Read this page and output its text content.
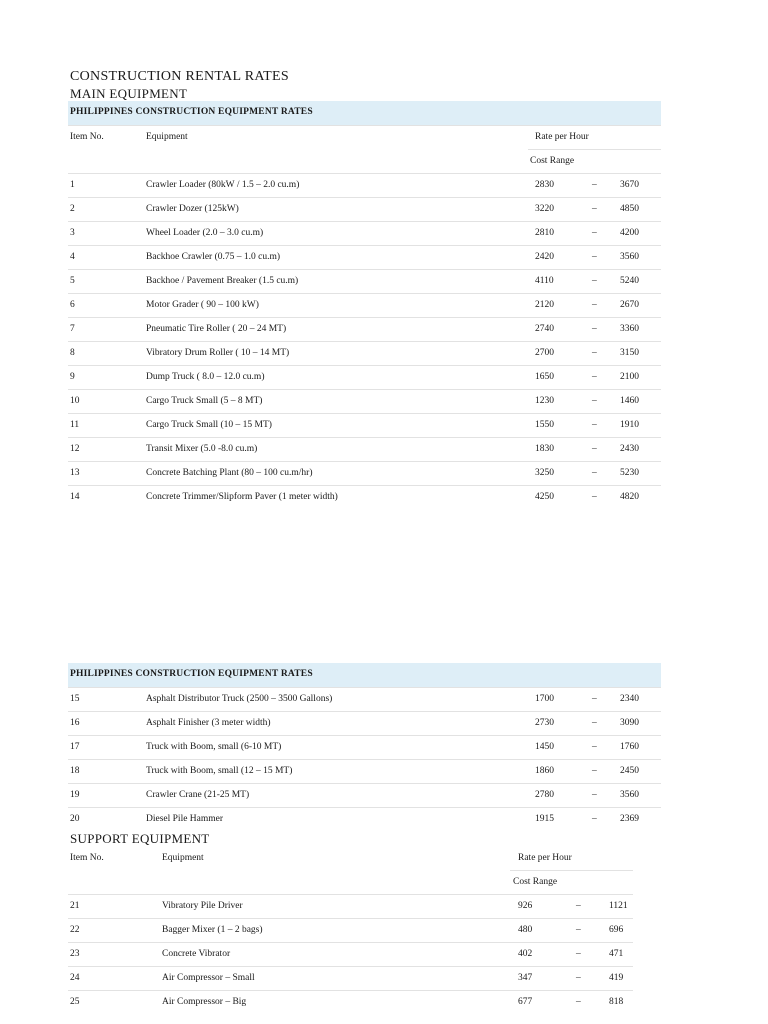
CONSTRUCTION RENTAL RATES
MAIN EQUIPMENT
PHILIPPINES CONSTRUCTION EQUIPMENT RATES
Item No.	Equipment	Rate per Hour
Cost Range
1	Crawler Loader (80kW / 1.5 – 2.0 cu.m)	2830	– 3670
2	Crawler Dozer (125kW)	3220	– 4850
3	Wheel Loader (2.0 – 3.0 cu.m)	2810	– 4200
4	Backhoe Crawler (0.75 – 1.0 cu.m)	2420	– 3560
5	Backhoe / Pavement Breaker (1.5 cu.m)	4110	– 5240
6	Motor Grader ( 90 – 100 kW)	2120	– 2670
7	Pneumatic Tire Roller ( 20 – 24 MT)	2740	– 3360
8	Vibratory Drum Roller ( 10 – 14 MT)	2700	– 3150
9	Dump Truck ( 8.0 – 12.0 cu.m)	1650	– 2100
10	Cargo Truck Small (5 – 8 MT)	1230	– 1460
11	Cargo Truck Small (10 – 15 MT)	1550	– 1910
12	Transit Mixer (5.0 -8.0 cu.m)	1830	– 2430
13	Concrete Batching Plant (80 – 100 cu.m/hr)	3250	– 5230
14	Concrete Trimmer/Slipform Paver (1 meter width)	4250	– 4820
PHILIPPINES CONSTRUCTION EQUIPMENT RATES
15	Asphalt Distributor Truck (2500 – 3500 Gallons)	1700	– 2340
16	Asphalt Finisher (3 meter width)	2730	– 3090
17	Truck with Boom, small (6-10 MT)	1450	– 1760
18	Truck with Boom, small (12 – 15 MT)	1860	– 2450
19	Crawler Crane (21-25 MT)	2780	– 3560
20	Diesel Pile Hammer	1915	– 2369
SUPPORT EQUIPMENT
Item No.	Equipment	Rate per Hour
Cost Range
21	Vibratory Pile Driver	926	–	1121
22	Bagger Mixer (1 – 2 bags)	480	–	696
23	Concrete Vibrator	402	–	471
24	Air Compressor – Small	347	–	419
25	Air Compressor – Big	677	–	818
